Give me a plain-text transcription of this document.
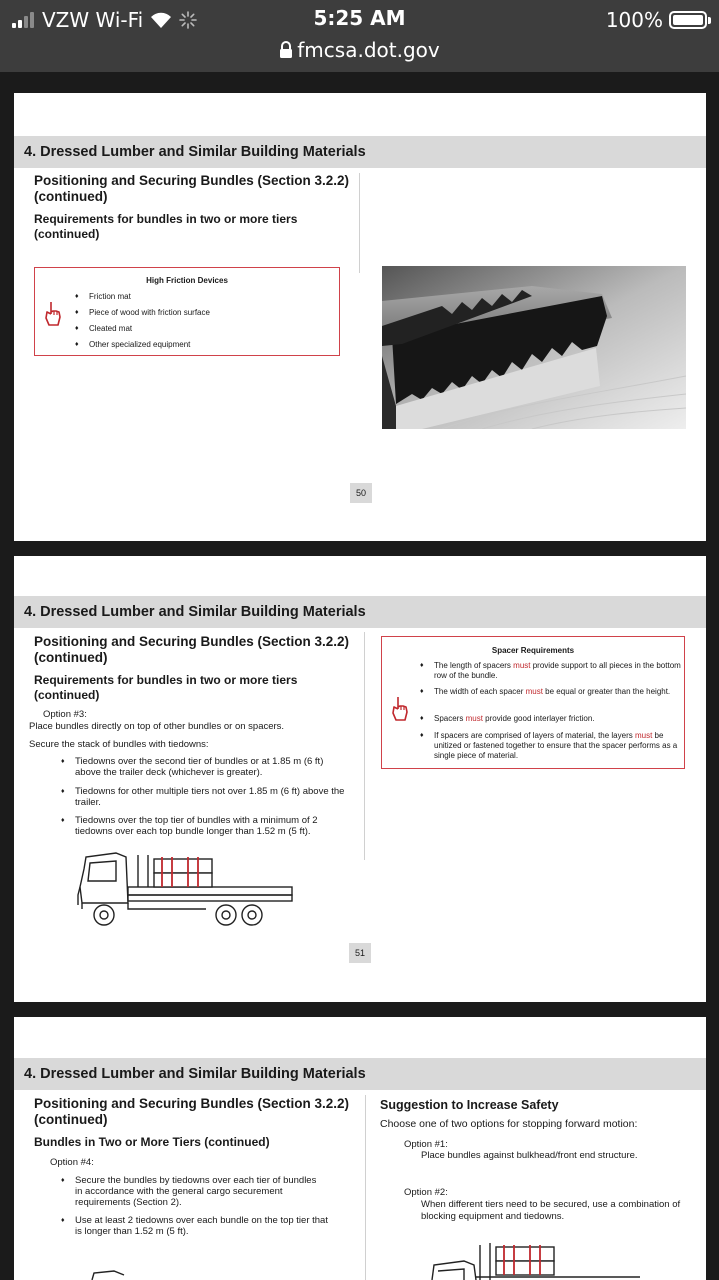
VZW Wi-Fi	5:25 AM
fmcsa.dot.gov
100%
4. Dressed Lumber and Similar Building Materials
Positioning and Securing Bundles (Section 3.2.2) (continued)
Requirements for bundles in two or more tiers (continued)
High Friction Devices
♦ Friction mat
♦ Piece of wood with friction surface
♦ Cleated mat
♦ Other specialized equipment
50
4. Dressed Lumber and Similar Building Materials
Positioning and Securing Bundles (Section 3.2.2) (continued)
Requirements for bundles in two or more tiers (continued)
Option #3:
Place bundles directly on top of other bundles or on spacers.
Secure the stack of bundles with tiedowns:
♦ Tiedowns over the second tier of bundles or at 1.85 m (6 ft) above the trailer deck (whichever is greater).
♦ Tiedowns for other multiple tiers not over 1.85 m (6 ft) above the trailer.
♦ Tiedowns over the top tier of bundles with a minimum of 2 tiedowns over each top bundle longer than 1.52 m (5 ft).
Spacer Requirements
♦ The length of spacers must provide support to all pieces in the bottom row of the bundle.
♦ The width of each spacer must be equal or greater than the height.
♦ Spacers must provide good interlayer friction.
♦ If spacers are comprised of layers of material, the layers must be unitized or fastened together to ensure that the spacer performs as a single piece of material.
51
4. Dressed Lumber and Similar Building Materials
Positioning and Securing Bundles (Section 3.2.2) (continued)
Bundles in Two or More Tiers (continued)
Option #4:
♦ Secure the bundles by tiedowns over each tier of bundles in accordance with the general cargo securement requirements (Section 2).
♦ Use at least 2 tiedowns over each bundle on the top tier that is longer than 1.52 m (5 ft).
Suggestion to Increase Safety
Choose one of two options for stopping forward motion:
Option #1:
Place bundles against bulkhead/front end structure.
Option #2:
When different tiers need to be secured, use a combination of blocking equipment and tiedowns.
